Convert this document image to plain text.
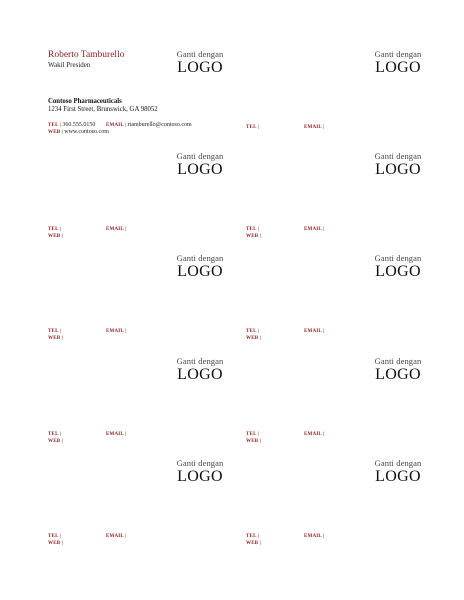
Roberto Tamburello
Wakil Presiden
Ganti dengan
LOGO
Contoso Pharmaceuticals
1234 First Street, Brunswick, GA 98052
TEL | 360.555.0150 EMAIL | rtamburello@contoso.com
WEB | www.contoso.com
Ganti dengan
LOGO
TEL |	EMAIL |
Ganti dengan
LOGO
TEL |	EMAIL |
WEB |
Ganti dengan
LOGO
TEL |	EMAIL |
WEB |
Ganti dengan
LOGO
TEL |	EMAIL |
WEB |
Ganti dengan
LOGO
TEL |	EMAIL |
WEB |
Ganti dengan
LOGO
TEL |	EMAIL |
WEB |
Ganti dengan
LOGO
TEL |	EMAIL |
WEB |
Ganti dengan
LOGO
TEL |	EMAIL |
WEB |
Ganti dengan
LOGO
TEL |	EMAIL |
WEB |
